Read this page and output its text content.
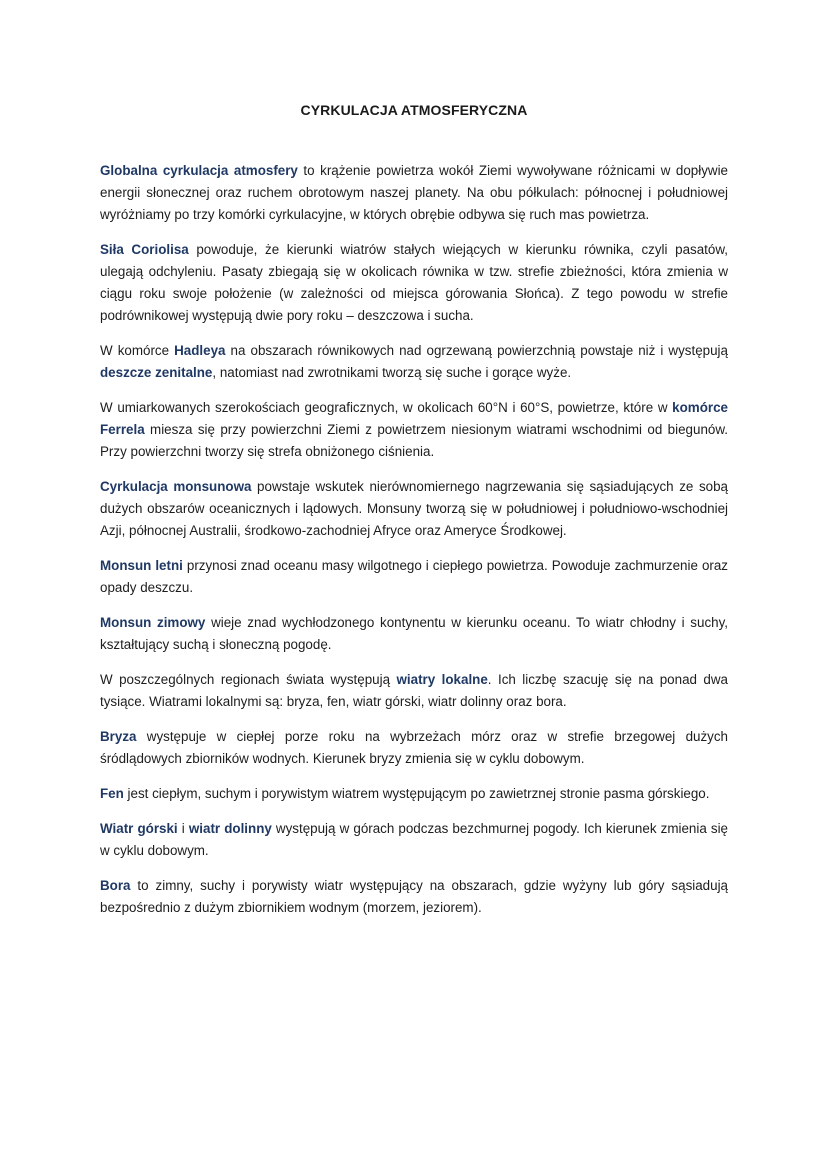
CYRKULACJA ATMOSFERYCZNA

Globalna cyrkulacja atmosfery to krążenie powietrza wokół Ziemi wywoływane różnicami w dopływie energii słonecznej oraz ruchem obrotowym naszej planety. Na obu półkulach: północnej i południowej wyróżniamy po trzy komórki cyrkulacyjne, w których obrębie odbywa się ruch mas powietrza.

Siła Coriolisa powoduje, że kierunki wiatrów stałych wiejących w kierunku równika, czyli pasatów, ulegają odchyleniu. Pasaty zbiegają się w okolicach równika w tzw. strefie zbieżności, która zmienia w ciągu roku swoje położenie (w zależności od miejsca górowania Słońca). Z tego powodu w strefie podrównikowej występują dwie pory roku – deszczowa i sucha.

W komórce Hadleya na obszarach równikowych nad ogrzewaną powierzchnią powstaje niż i występują deszcze zenitalne, natomiast nad zwrotnikami tworzą się suche i gorące wyże.

W umiarkowanych szerokościach geograficznych, w okolicach 60°N i 60°S, powietrze, które w komórce Ferrela miesza się przy powierzchni Ziemi z powietrzem niesionym wiatrami wschodnimi od biegunów. Przy powierzchni tworzy się strefa obniżonego ciśnienia.

Cyrkulacja monsunowa powstaje wskutek nierównomiernego nagrzewania się sąsiadujących ze sobą dużych obszarów oceanicznych i lądowych. Monsuny tworzą się w południowej i południowo-wschodniej Azji, północnej Australii, środkowo-zachodniej Afryce oraz Ameryce Środkowej.

Monsun letni przynosi znad oceanu masy wilgotnego i ciepłego powietrza. Powoduje zachmurzenie oraz opady deszczu.

Monsun zimowy wieje znad wychłodzonego kontynentu w kierunku oceanu. To wiatr chłodny i suchy, kształtujący suchą i słoneczną pogodę.

W poszczególnych regionach świata występują wiatry lokalne. Ich liczbę szacuję się na ponad dwa tysiące. Wiatrami lokalnymi są: bryza, fen, wiatr górski, wiatr dolinny oraz bora.

Bryza występuje w ciepłej porze roku na wybrzeżach mórz oraz w strefie brzegowej dużych śródlądowych zbiorników wodnych. Kierunek bryzy zmienia się w cyklu dobowym.

Fen jest ciepłym, suchym i porywistym wiatrem występującym po zawietrznej stronie pasma górskiego.

Wiatr górski i wiatr dolinny występują w górach podczas bezchmurnej pogody. Ich kierunek zmienia się w cyklu dobowym.

Bora to zimny, suchy i porywisty wiatr występujący na obszarach, gdzie wyżyny lub góry sąsiadują bezpośrednio z dużym zbiornikiem wodnym (morzem, jeziorem).
